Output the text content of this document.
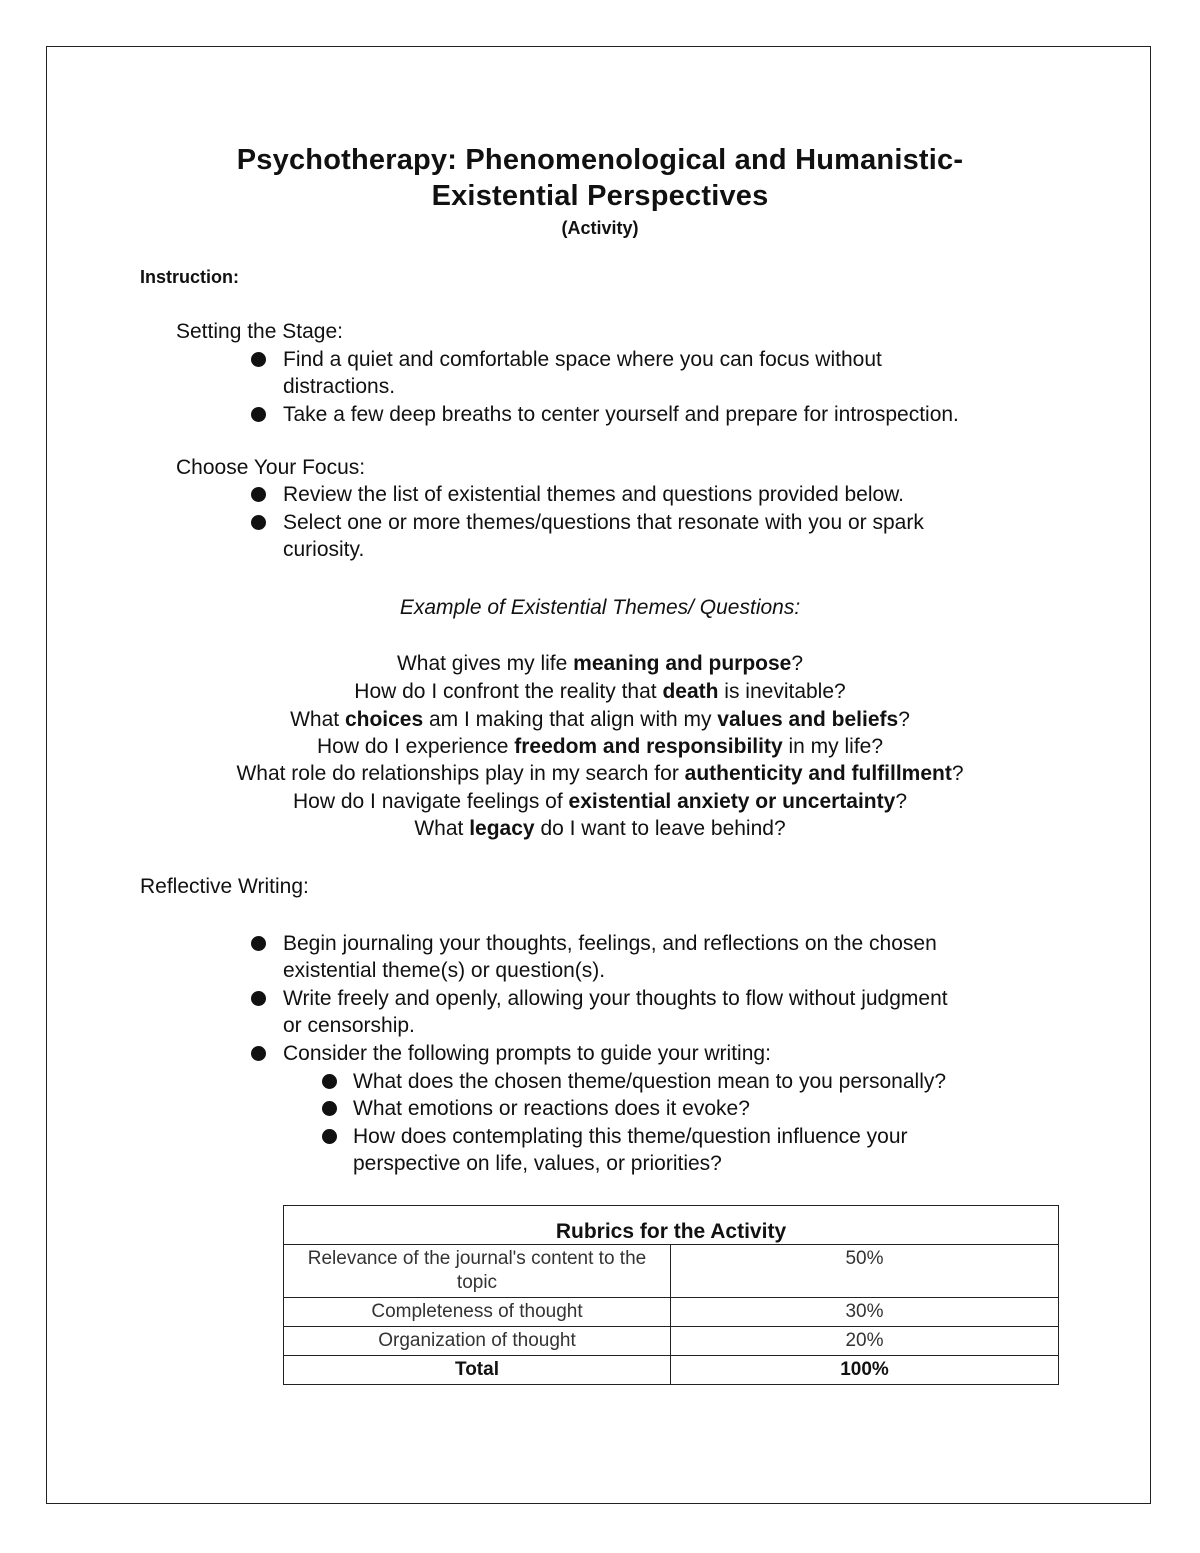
Psychotherapy: Phenomenological and Humanistic-
Existential Perspectives
(Activity)
Instruction:
Setting the Stage:
Find a quiet and comfortable space where you can focus without
distractions.
Take a few deep breaths to center yourself and prepare for introspection.
Choose Your Focus:
Review the list of existential themes and questions provided below.
Select one or more themes/questions that resonate with you or spark
curiosity.
Example of Existential Themes/ Questions:
What gives my life meaning and purpose?
How do I confront the reality that death is inevitable?
What choices am I making that align with my values and beliefs?
How do I experience freedom and responsibility in my life?
What role do relationships play in my search for authenticity and fulfillment?
How do I navigate feelings of existential anxiety or uncertainty?
What legacy do I want to leave behind?
Reflective Writing:
Begin journaling your thoughts, feelings, and reflections on the chosen
existential theme(s) or question(s).
Write freely and openly, allowing your thoughts to flow without judgment
or censorship.
Consider the following prompts to guide your writing:
What does the chosen theme/question mean to you personally?
What emotions or reactions does it evoke?
How does contemplating this theme/question influence your
perspective on life, values, or priorities?
Rubrics for the Activity	
Relevance of the journal's content to the topic	50%
Completeness of thought	30%
Organization of thought	20%
Total	100%
